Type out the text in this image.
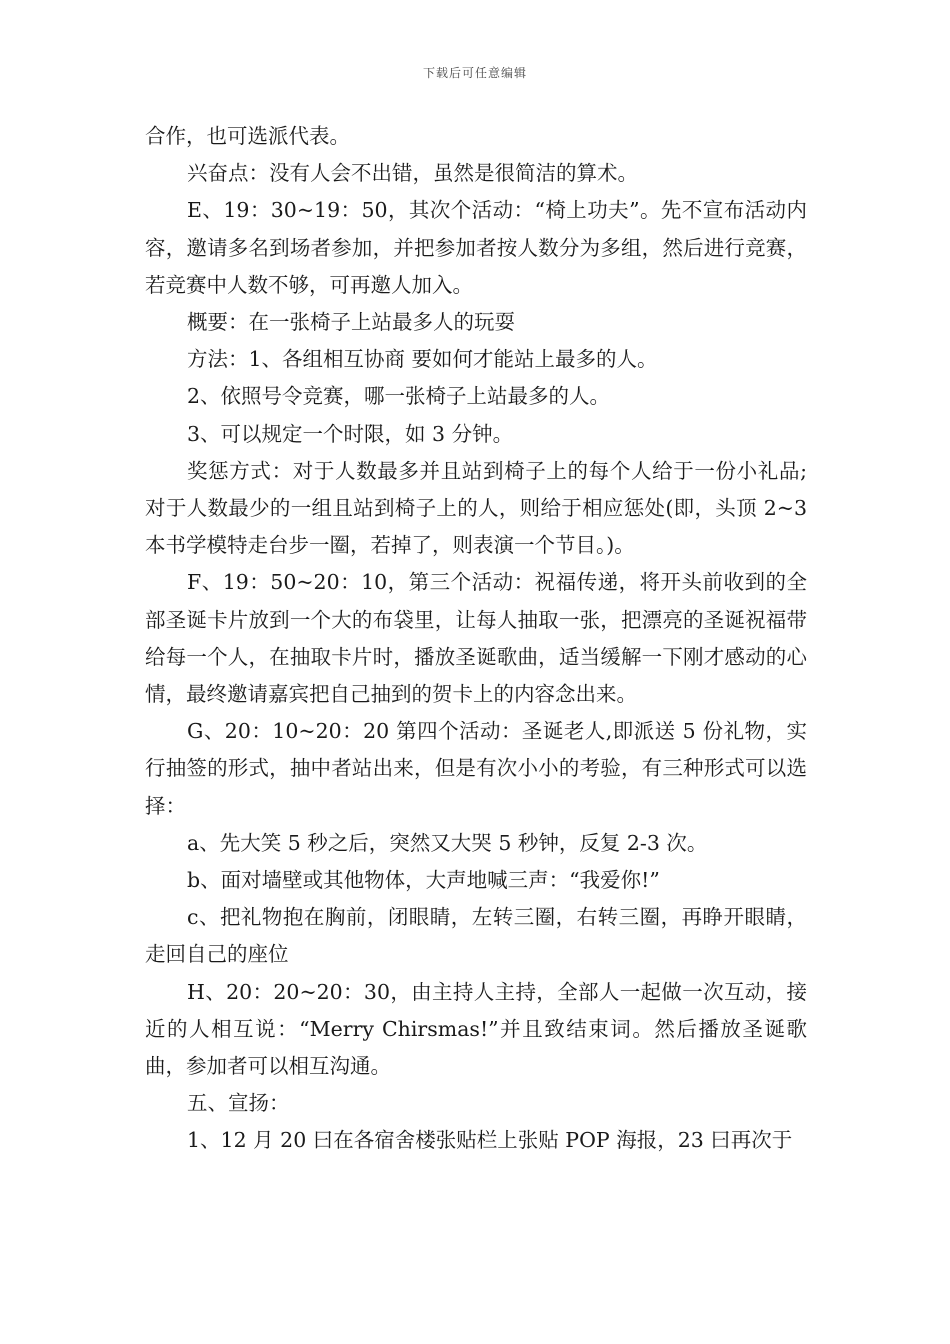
下载后可任意编辑

合作，也可选派代表。

兴奋点：没有人会不出错，虽然是很简洁的算术。

E、19：30~19：50，其次个活动：“椅上功夫”。先不宣布活动内容，邀请多名到场者参加，并把参加者按人数分为多组，然后进行竞赛，若竞赛中人数不够，可再邀人加入。

概要：在一张椅子上站最多人的玩耍

方法：1、各组相互协商 要如何才能站上最多的人。

2、依照号令竞赛，哪一张椅子上站最多的人。

3、可以规定一个时限，如 3 分钟。

奖惩方式：对于人数最多并且站到椅子上的每个人给于一份小礼品;对于人数最少的一组且站到椅子上的人，则给于相应惩处(即，头顶 2~3 本书学模特走台步一圈，若掉了，则表演一个节目。)。

F、19：50~20：10，第三个活动：祝福传递，将开头前收到的全部圣诞卡片放到一个大的布袋里，让每人抽取一张，把漂亮的圣诞祝福带给每一个人，在抽取卡片时，播放圣诞歌曲，适当缓解一下刚才感动的心情，最终邀请嘉宾把自己抽到的贺卡上的内容念出来。

G、20：10~20：20 第四个活动：圣诞老人,即派送 5 份礼物，实行抽签的形式，抽中者站出来，但是有次小小的考验，有三种形式可以选择：

a、先大笑 5 秒之后，突然又大哭 5 秒钟，反复 2-3 次。

b、面对墙壁或其他物体，大声地喊三声：“我爱你!”

c、把礼物抱在胸前，闭眼睛，左转三圈，右转三圈，再睁开眼睛，走回自己的座位

H、20：20~20：30，由主持人主持，全部人一起做一次互动，接近的人相互说：“Merry Chirsmas!”并且致结束词。然后播放圣诞歌曲，参加者可以相互沟通。

五、宣扬：

1、12 月 20 曰在各宿舍楼张贴栏上张贴 POP 海报，23 曰再次于
